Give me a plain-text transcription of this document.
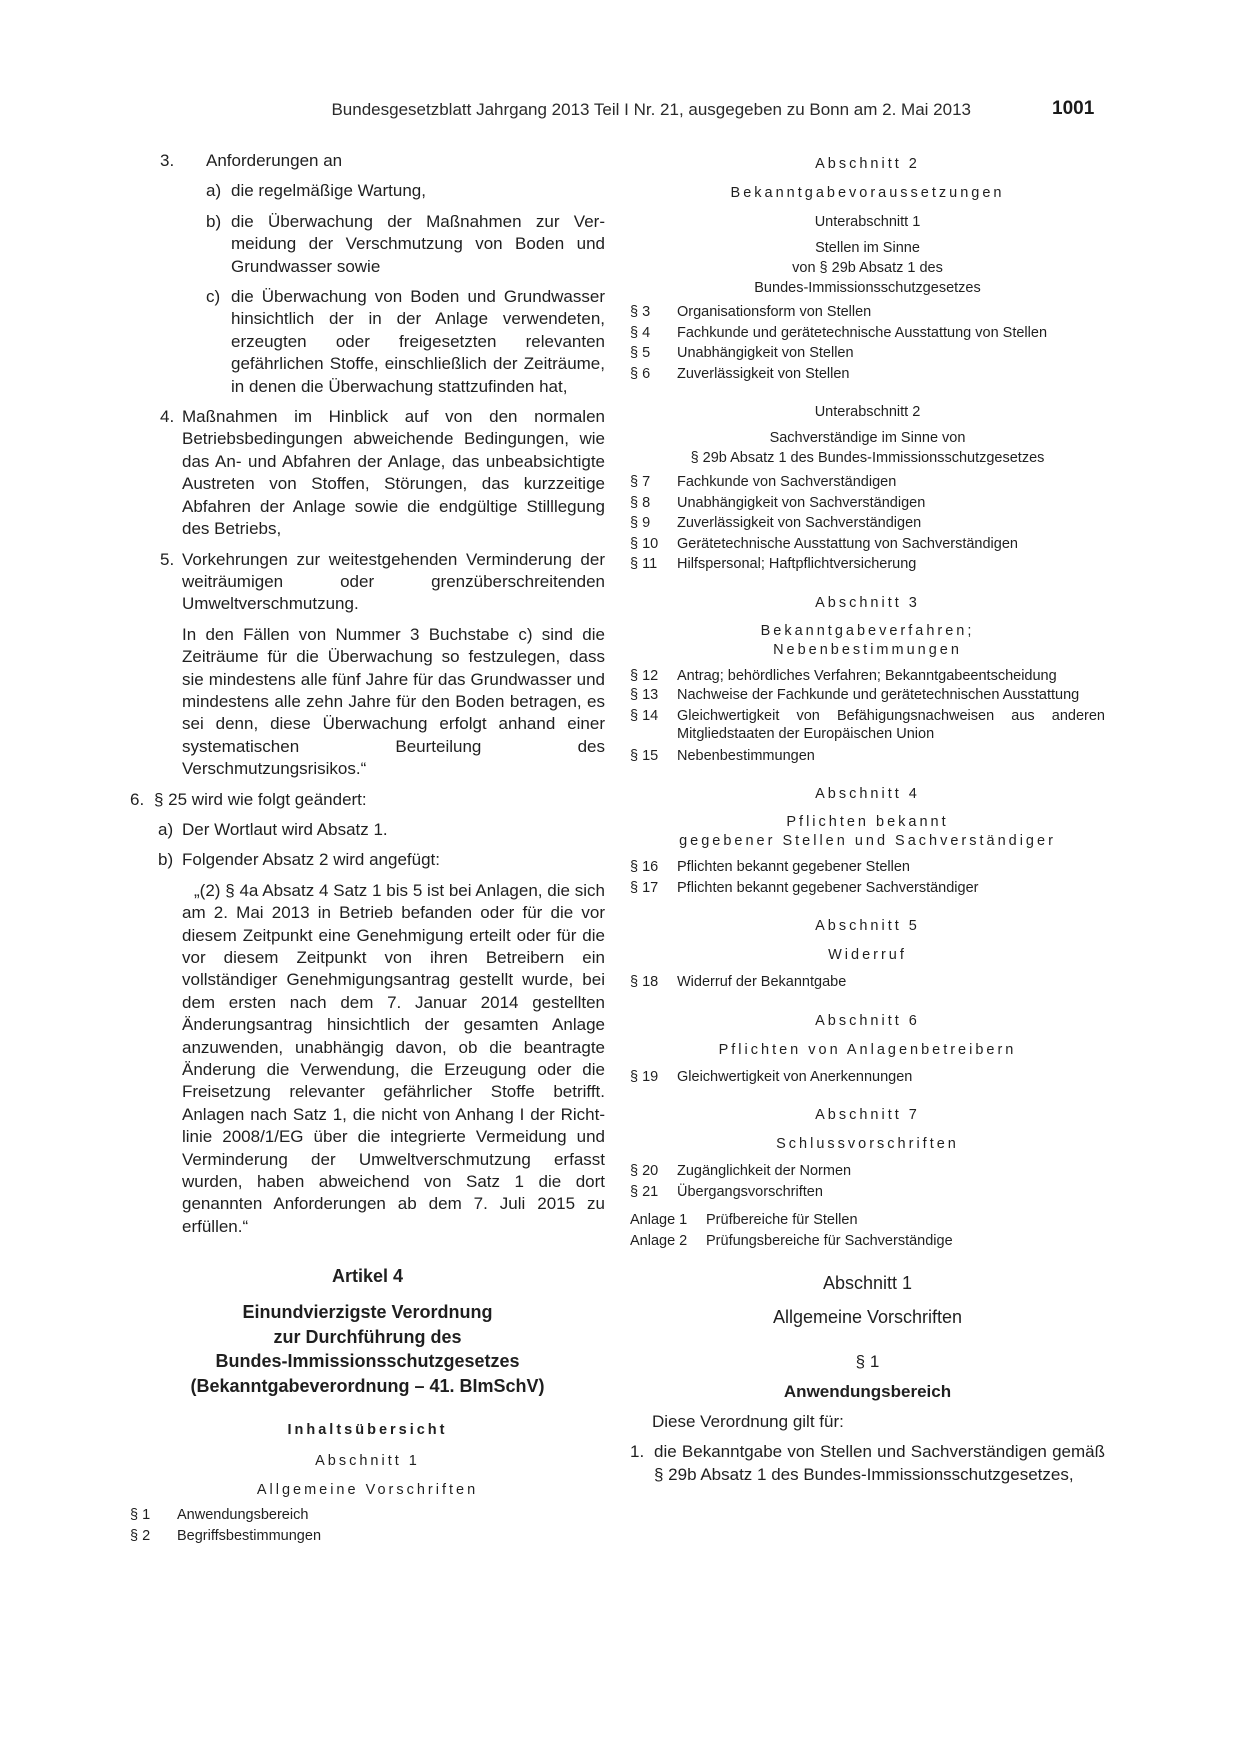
Bundesgesetzblatt Jahrgang 2013 Teil I Nr. 21, ausgegeben zu Bonn am 2. Mai 2013	1001
3. Anforderungen an
a) die regelmäßige Wartung,
b) die Überwachung der Maßnahmen zur Vermeidung der Verschmutzung von Boden und Grundwasser sowie
c) die Überwachung von Boden und Grundwasser hinsichtlich der in der Anlage verwendeten, erzeugten oder freigesetzten relevanten gefährlichen Stoffe, einschließlich der Zeiträume, in denen die Überwachung stattzufinden hat,
4. Maßnahmen im Hinblick auf von den normalen Betriebsbedingungen abweichende Bedingungen, wie das An- und Abfahren der Anlage, das unbeabsichtigte Austreten von Stoffen, Störungen, das kurzzeitige Abfahren der Anlage sowie die endgültige Stilllegung des Betriebs,
5. Vorkehrungen zur weitestgehenden Verminderung der weiträumigen oder grenzüberschreitenden Umweltverschmutzung.
In den Fällen von Nummer 3 Buchstabe c) sind die Zeiträume für die Überwachung so festzulegen, dass sie mindestens alle fünf Jahre für das Grundwasser und mindestens alle zehn Jahre für den Boden betragen, es sei denn, diese Überwachung erfolgt anhand einer systematischen Beurteilung des Verschmutzungsrisikos.“
6. § 25 wird wie folgt geändert:
a) Der Wortlaut wird Absatz 1.
b) Folgender Absatz 2 wird angefügt:
„(2) § 4a Absatz 4 Satz 1 bis 5 ist bei Anlagen, die sich am 2. Mai 2013 in Betrieb befanden oder für die vor diesem Zeitpunkt eine Genehmigung erteilt oder für die vor diesem Zeitpunkt von ihren Betreibern ein vollständiger Genehmigungsantrag gestellt wurde, bei dem ersten nach dem 7. Januar 2014 gestellten Änderungsantrag hinsichtlich der gesamten Anlage anzuwenden, unabhängig davon, ob die beantragte Änderung die Verwendung, die Erzeugung oder die Freisetzung relevanter gefährlicher Stoffe betrifft. Anlagen nach Satz 1, die nicht von Anhang I der Richtlinie 2008/1/EG über die integrierte Vermeidung und Verminderung der Umweltverschmutzung erfasst wurden, haben abweichend von Satz 1 die dort genannten Anforderungen ab dem 7. Juli 2015 zu erfüllen.“
Artikel 4
Einundvierzigste Verordnung
zur Durchführung des
Bundes-Immissionsschutzgesetzes
(Bekanntgabeverordnung – 41. BImSchV)
Inhaltsübersicht
Abschnitt 1
Allgemeine Vorschriften
§ 1	Anwendungsbereich
§ 2	Begriffsbestimmungen
Abschnitt 2
Bekanntgabevoraussetzungen
Unterabschnitt 1
Stellen im Sinne
von § 29b Absatz 1 des
Bundes-Immissionsschutzgesetzes
§ 3	Organisationsform von Stellen
§ 4	Fachkunde und gerätetechnische Ausstattung von Stellen
§ 5	Unabhängigkeit von Stellen
§ 6	Zuverlässigkeit von Stellen
Unterabschnitt 2
Sachverständige im Sinne von
§ 29b Absatz 1 des Bundes-Immissionsschutzgesetzes
§ 7	Fachkunde von Sachverständigen
§ 8	Unabhängigkeit von Sachverständigen
§ 9	Zuverlässigkeit von Sachverständigen
§ 10	Gerätetechnische Ausstattung von Sachverständigen
§ 11	Hilfspersonal; Haftpflichtversicherung
Abschnitt 3
Bekanntgabeverfahren;
Nebenbestimmungen
§ 12	Antrag; behördliches Verfahren; Bekanntgabeentscheidung
§ 13	Nachweise der Fachkunde und gerätetechnischen Ausstattung
§ 14	Gleichwertigkeit von Befähigungsnachweisen aus anderen Mitgliedstaaten der Europäischen Union
§ 15	Nebenbestimmungen
Abschnitt 4
Pflichten bekannt
gegebener Stellen und Sachverständiger
§ 16	Pflichten bekannt gegebener Stellen
§ 17	Pflichten bekannt gegebener Sachverständiger
Abschnitt 5
Widerruf
§ 18	Widerruf der Bekanntgabe
Abschnitt 6
Pflichten von Anlagenbetreibern
§ 19	Gleichwertigkeit von Anerkennungen
Abschnitt 7
Schlussvorschriften
§ 20	Zugänglichkeit der Normen
§ 21	Übergangsvorschriften
Anlage 1	Prüfbereiche für Stellen
Anlage 2	Prüfungsbereiche für Sachverständige
Abschnitt 1
Allgemeine Vorschriften
§ 1
Anwendungsbereich
Diese Verordnung gilt für:
1. die Bekanntgabe von Stellen und Sachverständigen gemäß § 29b Absatz 1 des Bundes-Immissionsschutzgesetzes,
